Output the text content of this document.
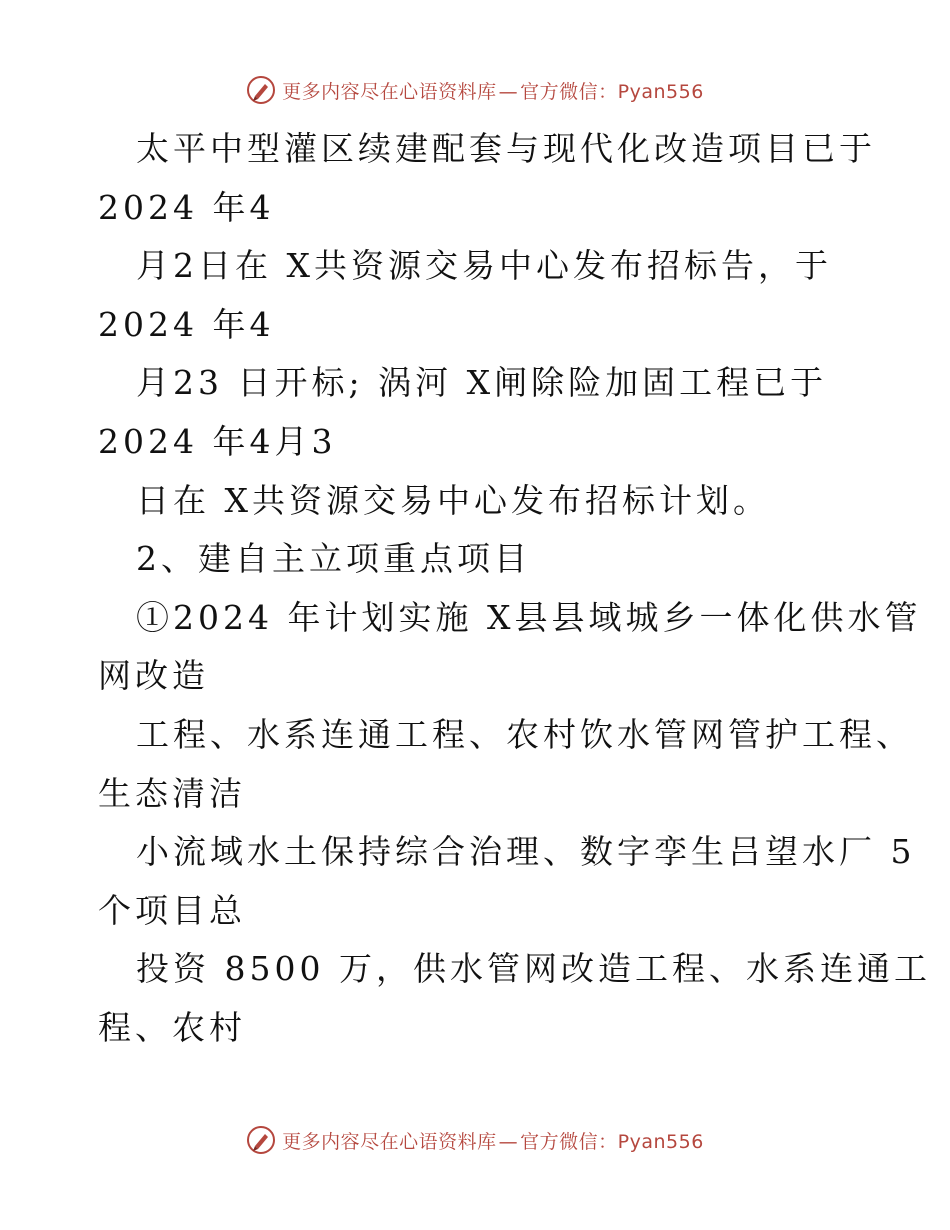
更多内容尽在心语资料库 — 官方微信：Pyan556
太平中型灌区续建配套与现代化改造项目已于
2024 年4
月2日在 X共资源交易中心发布招标告，于
2024 年4
月23 日开标; 涡河 X闸除险加固工程已于
2024 年4月3
日在 X共资源交易中心发布招标计划。
2、建自主立项重点项目
①2024 年计划实施 X县县域城乡一体化供水管
网改造
工程、水系连通工程、农村饮水管网管护工程、
生态清洁
小流域水土保持综合治理、数字孪生吕望水厂 5
个项目总
投资 8500 万，供水管网改造工程、水系连通工
程、农村
更多内容尽在心语资料库 — 官方微信：Pyan556
